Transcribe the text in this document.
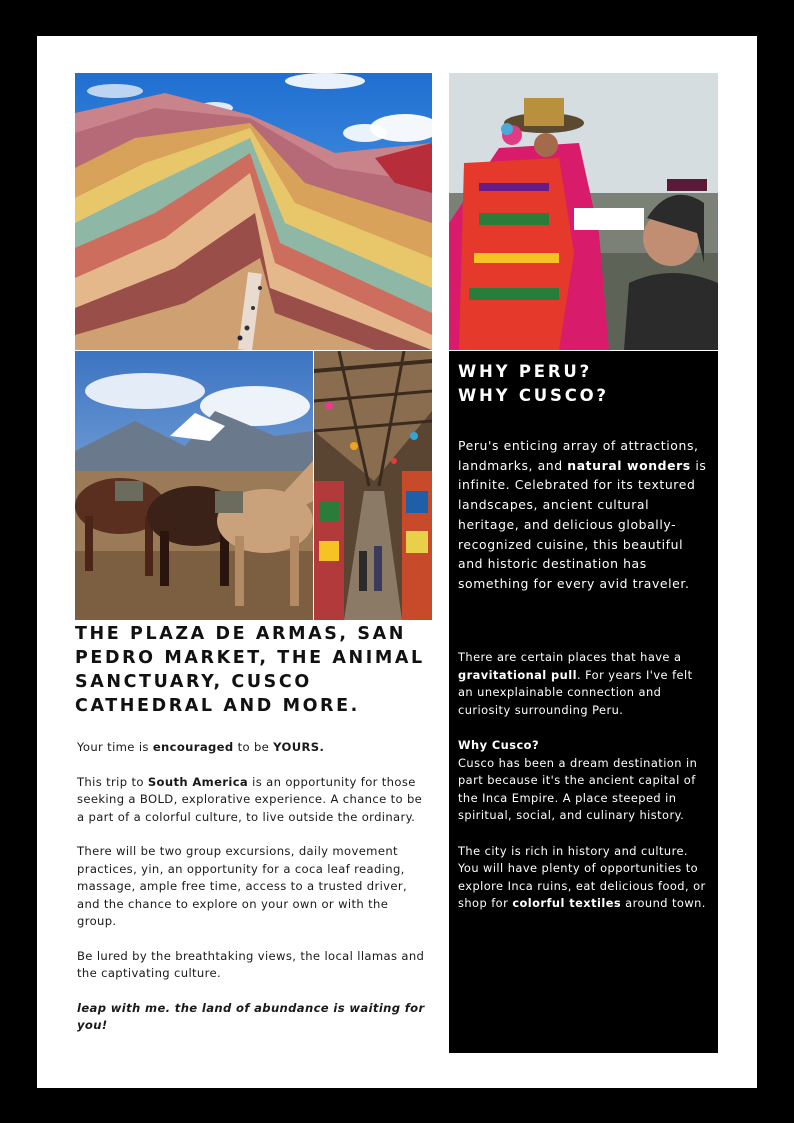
THE PLAZA DE ARMAS, SAN PEDRO MARKET, THE ANIMAL SANCTUARY, CUSCO CATHEDRAL AND MORE.

Your time is encouraged to be YOURS.

This trip to South America is an opportunity for those seeking a BOLD, explorative experience. A chance to be a part of a colorful culture, to live outside the ordinary.

There will be two group excursions, daily movement practices, yin, an opportunity for a coca leaf reading, massage, ample free time, access to a trusted driver, and the chance to explore on your own or with the group.

Be lured by the breathtaking views, the local llamas and the captivating culture.

leap with me. the land of abundance is waiting for you!

WHY PERU?
WHY CUSCO?
Peru's enticing array of attractions, landmarks, and natural wonders is infinite. Celebrated for its textured landscapes, ancient cultural heritage, and delicious globally-recognized cuisine, this beautiful and historic destination has something for every avid traveler.

There are certain places that have a gravitational pull. For years I've felt an unexplainable connection and curiosity surrounding Peru.

Why Cusco?

Cusco has been a dream destination in part because it's the ancient capital of the Inca Empire. A place steeped in spiritual, social, and culinary history.

The city is rich in history and culture. You will have plenty of opportunities to explore Inca ruins, eat delicious food, or shop for colorful textiles around town.
